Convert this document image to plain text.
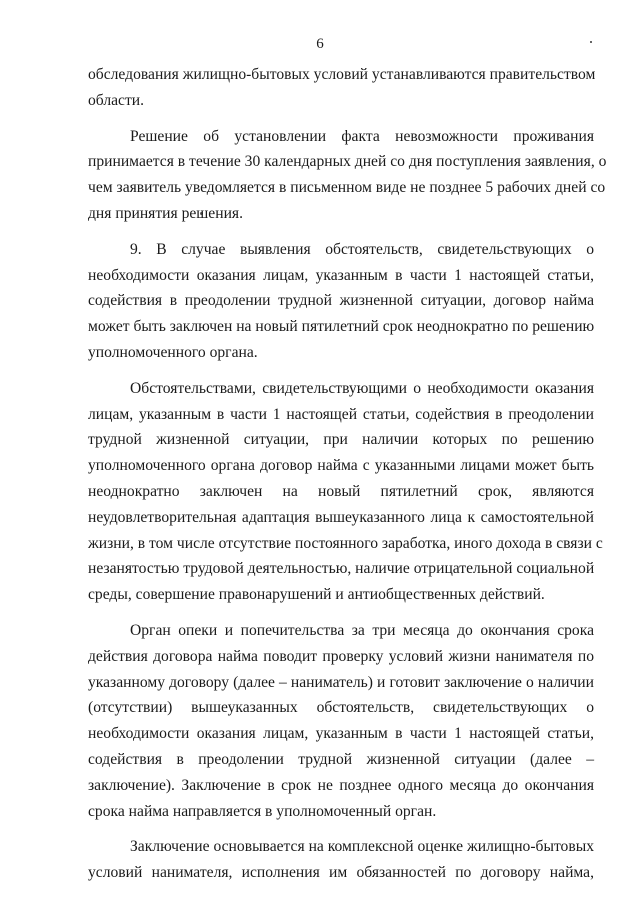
6
обследования жилищно-бытовых условий устанавливаются правительством
области.
Решение об установлении факта невозможности проживания
принимается в течение 30 календарных дней со дня поступления заявления, о
чем заявитель уведомляется в письменном виде не позднее 5 рабочих дней со
дня принятия решения.
9. В случае выявления обстоятельств, свидетельствующих о
необходимости оказания лицам, указанным в части 1 настоящей статьи,
содействия в преодолении трудной жизненной ситуации, договор найма
может быть заключен на новый пятилетний срок неоднократно по решению
уполномоченного органа.
Обстоятельствами, свидетельствующими о необходимости оказания
лицам, указанным в части 1 настоящей статьи, содействия в преодолении
трудной жизненной ситуации, при наличии которых по решению
уполномоченного органа договор найма с указанными лицами может быть
неоднократно заключен на новый пятилетний срок, являются
неудовлетворительная адаптация вышеуказанного лица к самостоятельной
жизни, в том числе отсутствие постоянного заработка, иного дохода в связи с
незанятостью трудовой деятельностью, наличие отрицательной социальной
среды, совершение правонарушений и антиобщественных действий.
Орган опеки и попечительства за три месяца до окончания срока
действия договора найма поводит проверку условий жизни нанимателя по
указанному договору (далее – наниматель) и готовит заключение о наличии
(отсутствии) вышеуказанных обстоятельств, свидетельствующих о
необходимости оказания лицам, указанным в части 1 настоящей статьи,
содействия в преодолении трудной жизненной ситуации (далее –
заключение). Заключение в срок не позднее одного месяца до окончания
срока найма направляется в уполномоченный орган.
Заключение основывается на комплексной оценке жилищно-бытовых
условий нанимателя, исполнения им обязанностей по договору найма,
